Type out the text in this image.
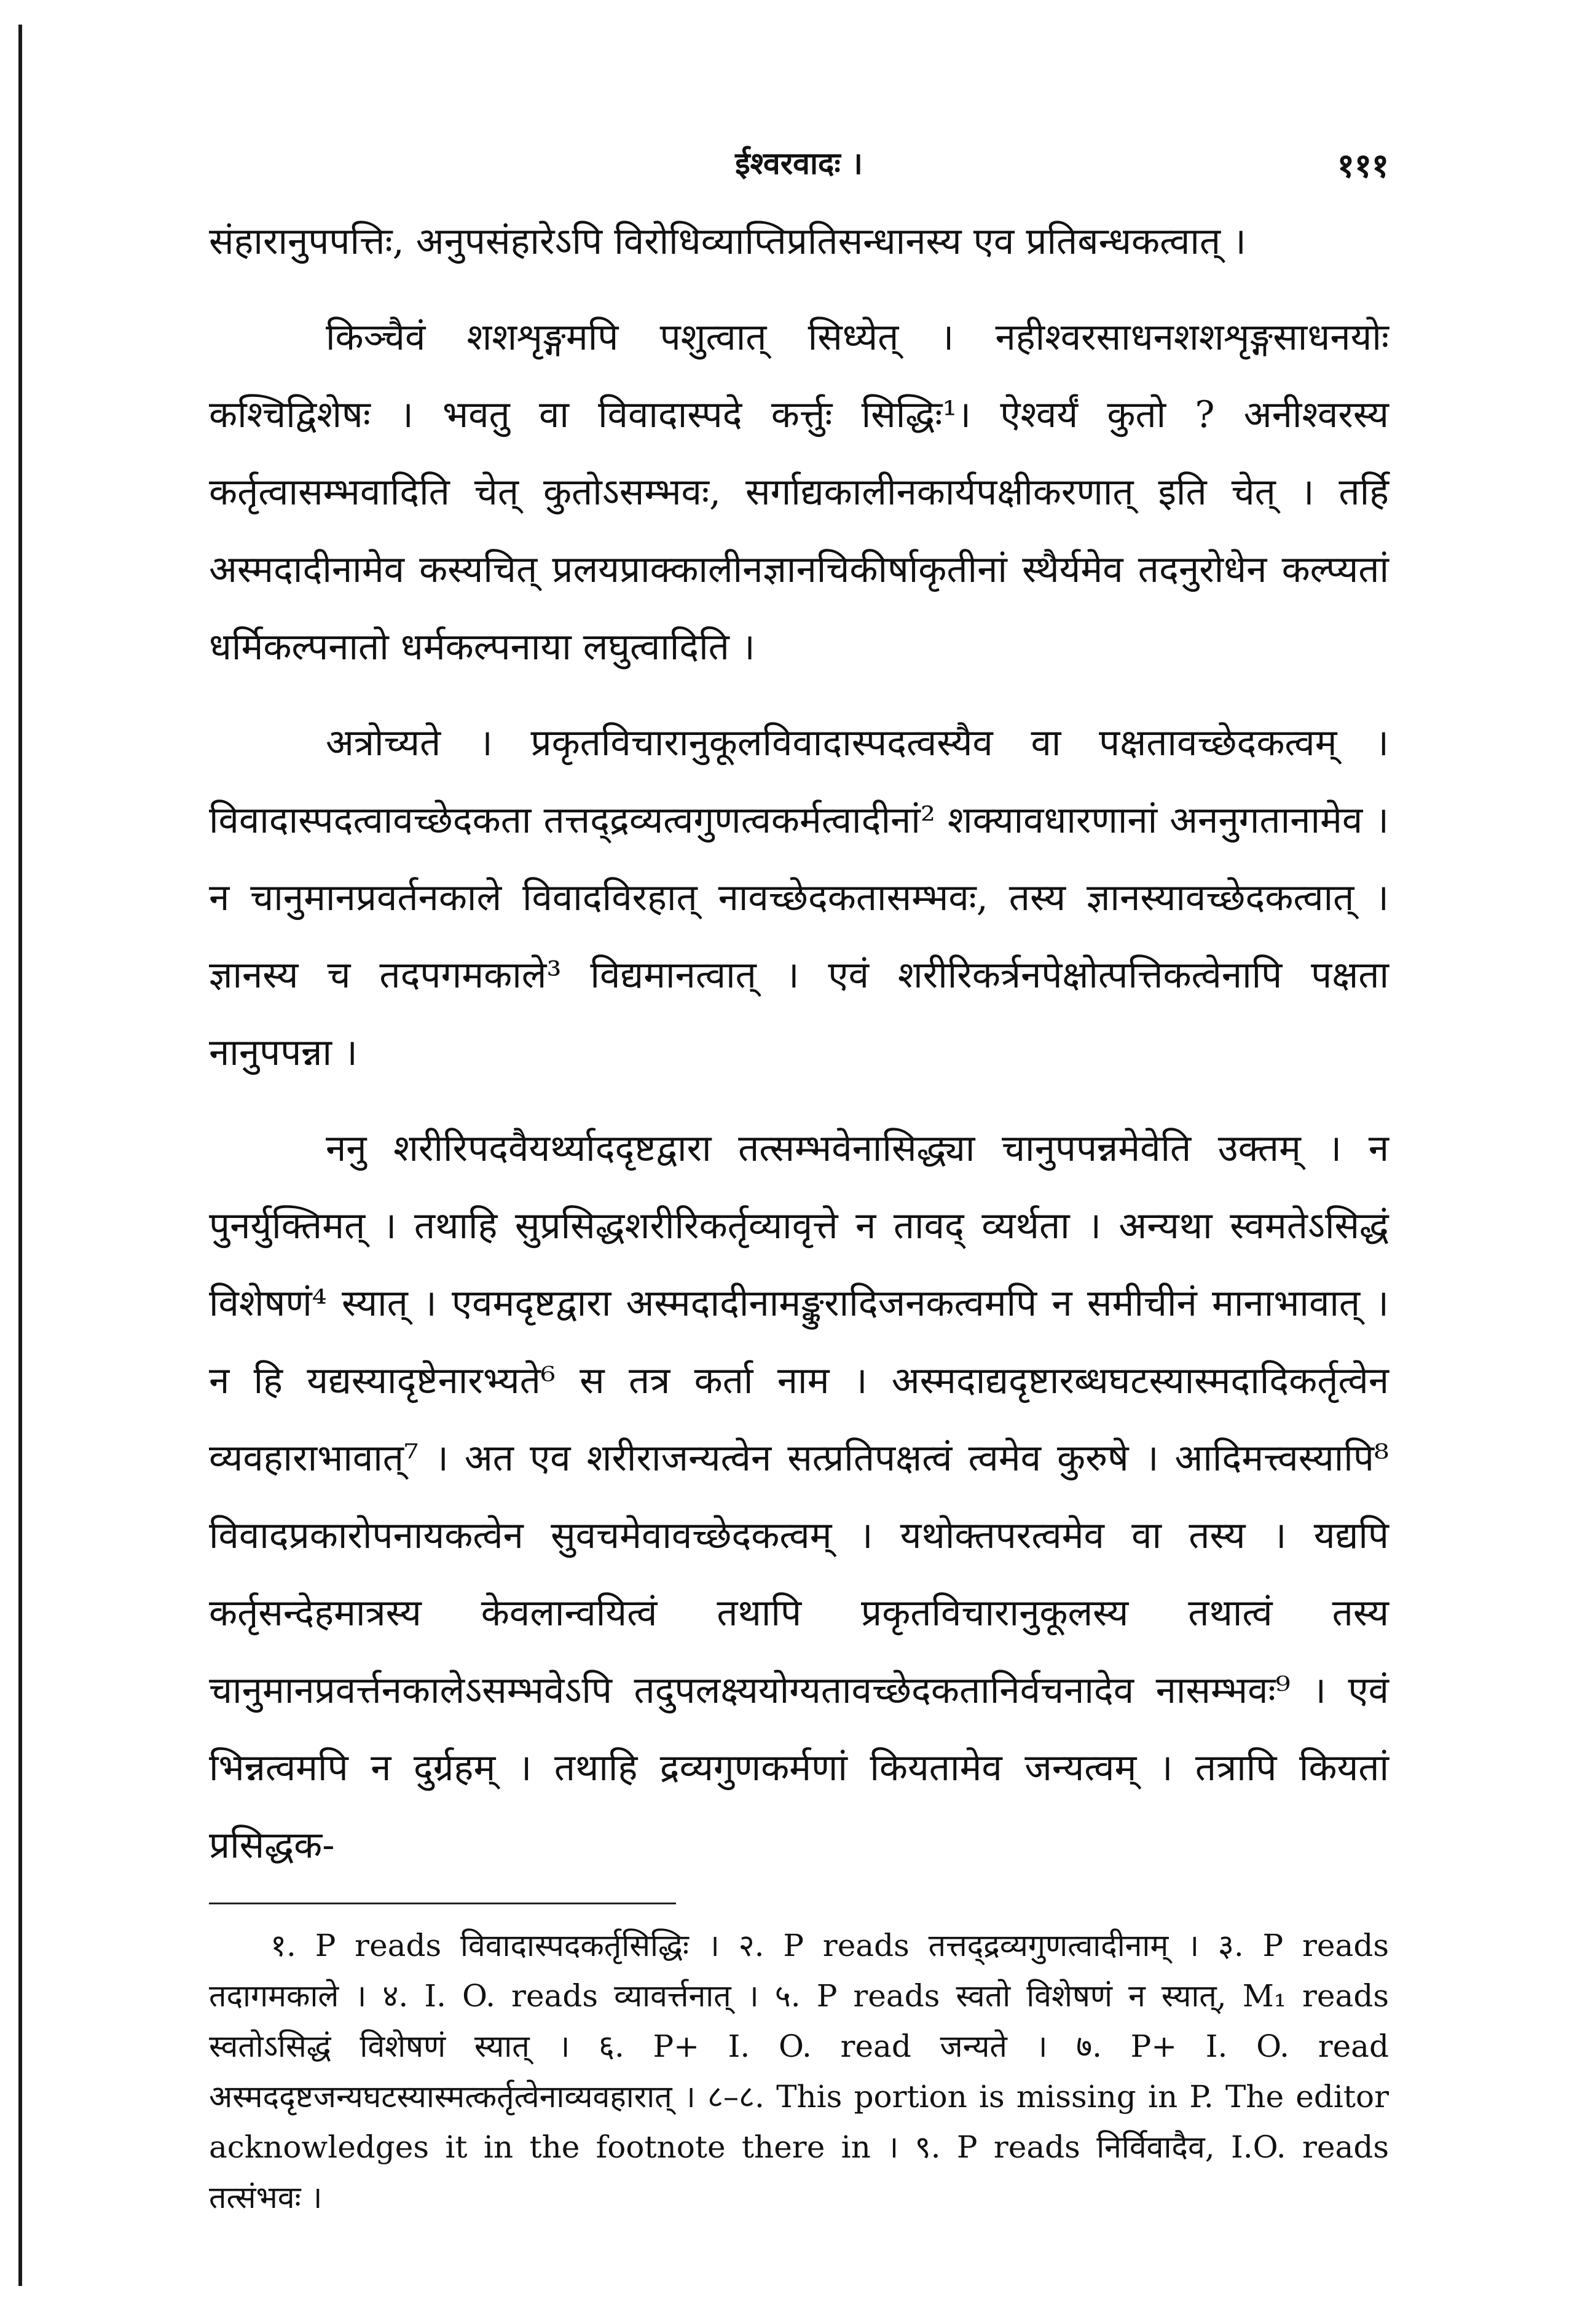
ईश्वरवादः ।	१११

संहारानुपपत्तिः, अनुपसंहारेऽपि विरोधिव्याप्तिप्रतिसन्धानस्य एव प्रतिबन्धकत्वात् ।

किञ्चैवं शशशृङ्गमपि पशुत्वात् सिध्येत् । नहीश्वरसाधनशशशृङ्गसाधनयोः कश्चिद्विशेषः । भवतु वा विवादास्पदे कर्त्तुः सिद्धिः¹। ऐश्वर्यं कुतो ? अनीश्वरस्य कर्तृत्वासम्भवादिति चेत् कुतोऽसम्भवः, सर्गाद्यकालीनकार्यपक्षीकरणात् इति चेत् । तर्हि अस्मदादीनामेव कस्यचित् प्रलयप्राक्कालीनज्ञानचिकीर्षाकृतीनां स्थैर्यमेव तदनुरोधेन कल्प्यतां धर्मिकल्पनातो धर्मकल्पनाया लघुत्वादिति ।

अत्रोच्यते । प्रकृतविचारानुकूलविवादास्पदत्वस्यैव वा पक्षतावच्छेदकत्वम् । विवादास्पदत्वावच्छेदकता तत्तद्द्रव्यत्वगुणत्वकर्मत्वादीनां² शक्यावधारणानां अननुगतानामेव । न चानुमानप्रवर्तनकाले विवादविरहात् नावच्छेदकतासम्भवः, तस्य ज्ञानस्यावच्छेदकत्वात् । ज्ञानस्य च तदपगमकाले³ विद्यमानत्वात् । एवं शरीरिकर्त्रनपेक्षोत्पत्तिकत्वेनापि पक्षता नानुपपन्ना ।

ननु शरीरिपदवैयर्थ्याददृष्टद्वारा तत्सम्भवेनासिद्ध्या चानुपपन्नमेवेति उक्तम् । न पुनर्युक्तिमत् । तथाहि सुप्रसिद्धशरीरिकर्तृव्यावृत्ते न तावद् व्यर्थता । अन्यथा स्वमतेऽसिद्धं विशेषणं⁴ स्यात् । एवमदृष्टद्वारा अस्मदादीनामङ्कुरादिजनकत्वमपि न समीचीनं मानाभावात् । न हि यद्यस्यादृष्टेनारभ्यते⁶ स तत्र कर्ता नाम । अस्मदाद्यदृष्टारब्धघटस्यास्मदादिकर्तृत्वेन व्यवहाराभावात्⁷ । अत एव शरीराजन्यत्वेन सत्प्रतिपक्षत्वं त्वमेव कुरुषे । आदिमत्त्वस्यापि⁸ विवादप्रकारोपनायकत्वेन सुवचमेवावच्छेदकत्वम् । यथोक्तपरत्वमेव वा तस्य । यद्यपि कर्तृसन्देहमात्रस्य केवलान्वयित्वं तथापि प्रकृतविचारानुकूलस्य तथात्वं तस्य चानुमानप्रवर्त्तनकालेऽसम्भवेऽपि तदुपलक्ष्ययोग्यतावच्छेदकतानिर्वचनादेव नासम्भवः⁹ । एवं भिन्नत्वमपि न दुर्ग्रहम् । तथाहि द्रव्यगुणकर्मणां कियतामेव जन्यत्वम् । तत्रापि कियतां प्रसिद्धक-

१. P reads विवादास्पदकर्तृसिद्धिः । २. P reads तत्तद्द्रव्यगुणत्वादीनाम् । ३. P reads तदागमकाले । ४. I. O. reads व्यावर्त्तनात् । ५. P reads स्वतो विशेषणं न स्यात्, M₁ reads स्वतोऽसिद्धं विशेषणं स्यात् । ६. P+ I. O. read जन्यते । ७. P+ I. O. read अस्मददृष्टजन्यघटस्यास्मत्कर्तृत्वेनाव्यवहारात् । ८–८. This portion is missing in P. The editor acknowledges it in the footnote there in । ९. P reads निर्विवादैव, I.O. reads तत्संभवः ।
